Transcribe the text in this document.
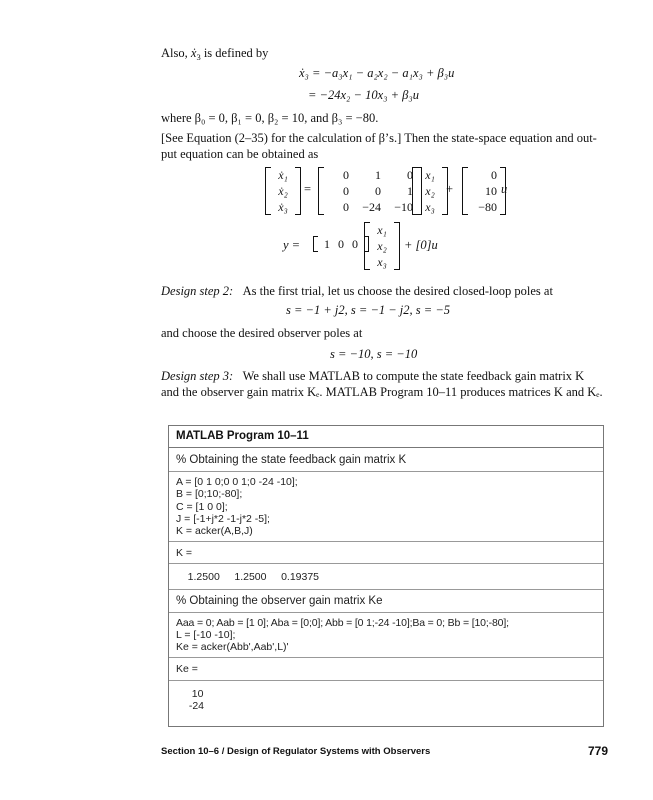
Also, ẋ$_3$ is defined by
ẋ₃ = −a₃x₁ − a₂x₂ − a₁x₃ + β₃u
= −24x₂ − 10x₃ + β₃u
where β₀ = 0, β₁ = 0, β₂ = 10, and β₃ = −80.
[See Equation (2–35) for the calculation of β’s.] Then the state-space equation and out-
put equation can be obtained as
ẋ₁
ẋ₂
ẋ₃
=
0	1	0
0	0	1
0	−24	−10
x₁
x₂
x₃
+
0
10
−80
u
y =	1 0 0
x₁
x₂
x₃
+ [0]u
Design step 2: As the first trial, let us choose the desired closed-loop poles at
s = −1 + j2, s = −1 − j2, s = −5
and choose the desired observer poles at
s = −10, s = −10
Design step 3: We shall use MATLAB to compute the state feedback gain matrix K
and the observer gain matrix Kₑ. MATLAB Program 10–11 produces matrices K and Kₑ.
MATLAB Program 10–11
% Obtaining the state feedback gain matrix K
A = [0 1 0;0 0 1;0 -24 -10];
B = [0;10;-80];
C = [1 0 0];
J = [-1+j*2 -1-j*2 -5];
K = acker(A,B,J)
K =
1.2500     1.2500     0.19375
% Obtaining the observer gain matrix Ke
Aaa = 0; Aab = [1 0]; Aba = [0;0]; Abb = [0 1;-24 -10];Ba = 0; Bb = [10;-80];
L = [-10 -10];
Ke = acker(Abb',Aab',L)'
Ke =
10
-24
Section 10–6 / Design of Regulator Systems with Observers	779
